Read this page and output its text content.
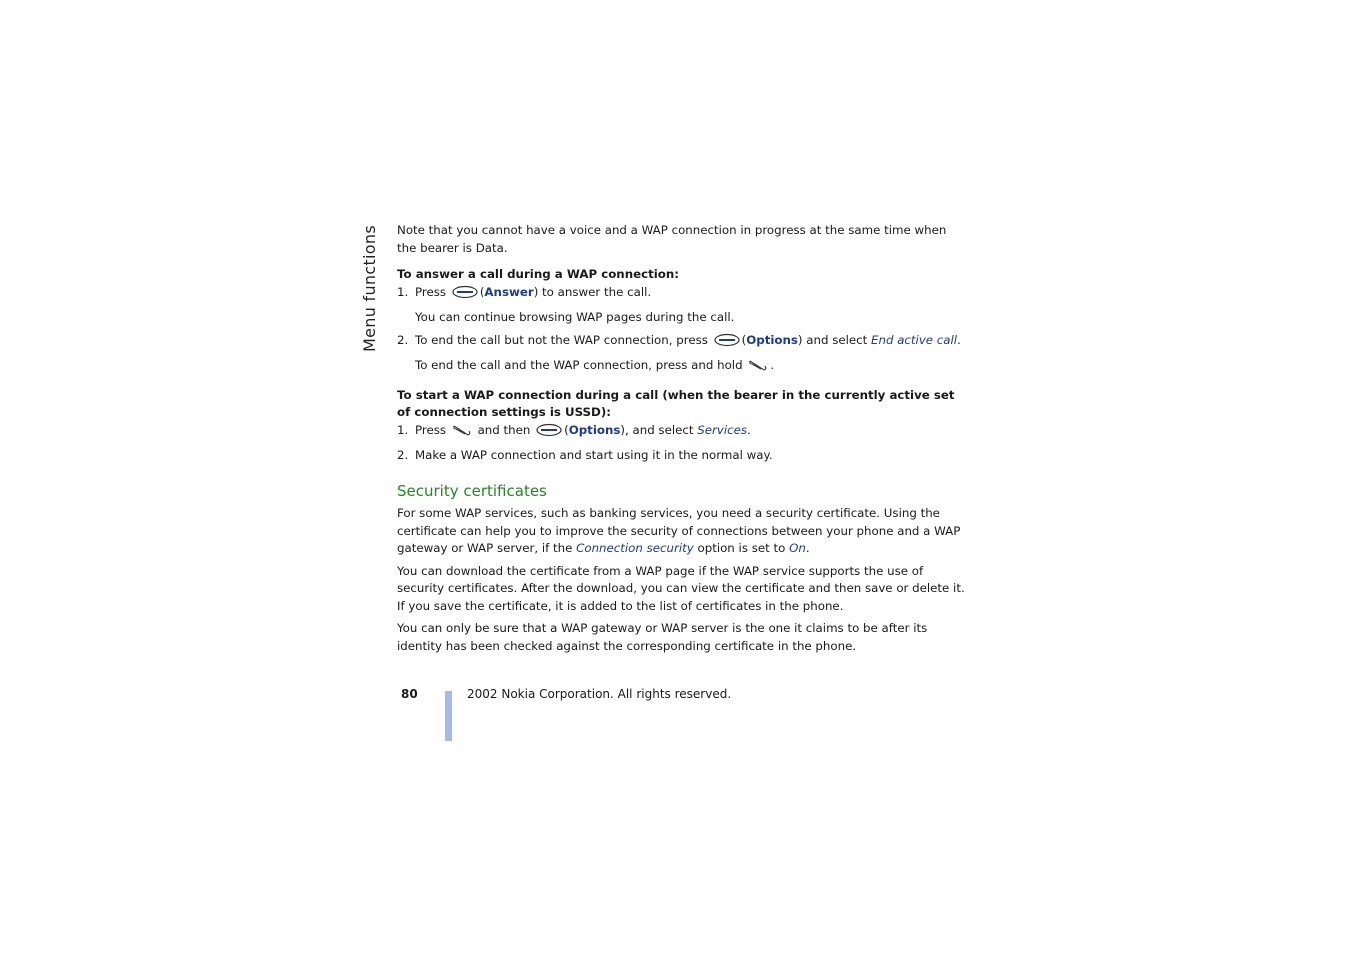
Menu functions Note that you cannot have a voice and a WAP connection in progress at the same time when the bearer is Data.

To answer a call during a WAP connection:

1. Press	(Answer) to answer the call.

You can continue browsing WAP pages during the call.

2. To end the call but not the WAP connection, press	(Options) and select End active call.

To end the call and the WAP connection, press and hold .

To start a WAP connection during a call (when the bearer in the currently active set of connection settings is USSD):

1. Press	and then	(Options), and select Services.
2. Make a WAP connection and start using it in the normal way.

Security certificates

For some WAP services, such as banking services, you need a security certificate. Using the certificate can help you to improve the security of connections between your phone and a WAP gateway or WAP server, if the Connection security option is set to On.

You can download the certificate from a WAP page if the WAP service supports the use of security certificates. After the download, you can view the certificate and then save or delete it. If you save the certificate, it is added to the list of certificates in the phone.

You can only be sure that a WAP gateway or WAP server is the one it claims to be after its identity has been checked against the corresponding certificate in the phone.

80	2002 Nokia Corporation. All rights reserved.
